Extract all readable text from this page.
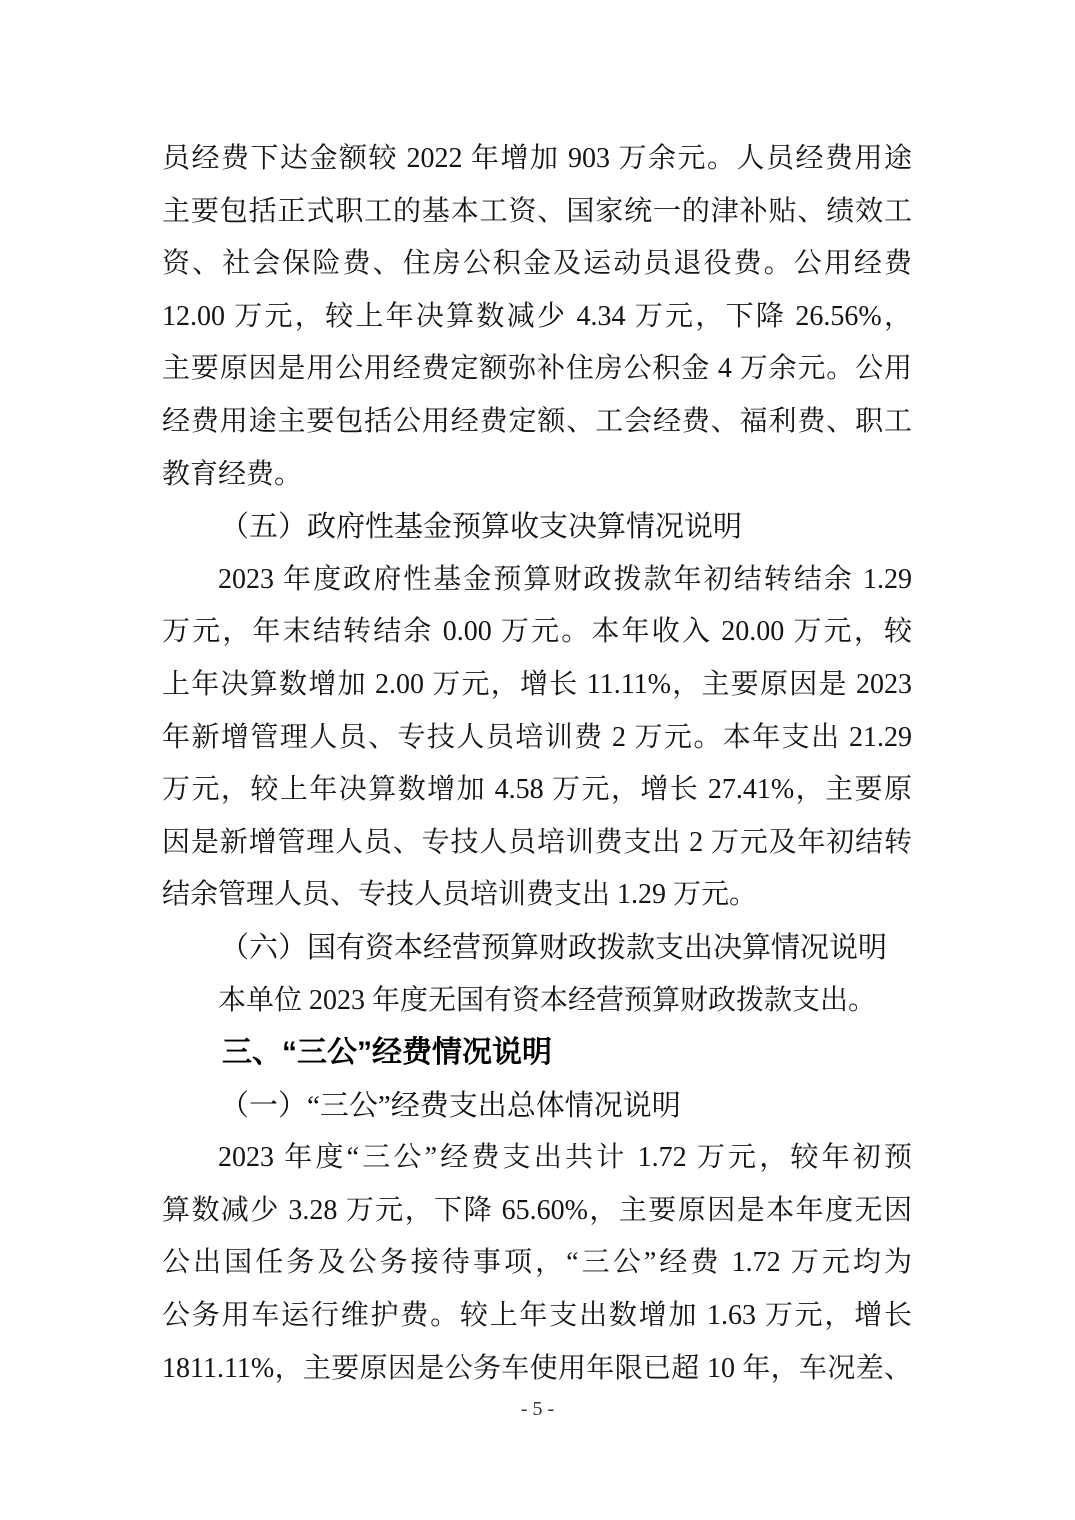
员经费下达金额较 2022 年增加 903 万余元。人员经费用途
主要包括正式职工的基本工资、国家统一的津补贴、绩效工
资、社会保险费、住房公积金及运动员退役费。公用经费
12.00 万元，较上年决算数减少 4.34 万元，下降 26.56%，
主要原因是用公用经费定额弥补住房公积金 4 万余元。公用
经费用途主要包括公用经费定额、工会经费、福利费、职工
教育经费。
（五）政府性基金预算收支决算情况说明
2023 年度政府性基金预算财政拨款年初结转结余 1.29
万元，年末结转结余 0.00 万元。本年收入 20.00 万元，较
上年决算数增加 2.00 万元，增长 11.11%，主要原因是 2023
年新增管理人员、专技人员培训费 2 万元。本年支出 21.29
万元，较上年决算数增加 4.58 万元，增长 27.41%，主要原
因是新增管理人员、专技人员培训费支出 2 万元及年初结转
结余管理人员、专技人员培训费支出 1.29 万元。
（六）国有资本经营预算财政拨款支出决算情况说明
本单位 2023 年度无国有资本经营预算财政拨款支出。
三、“三公”经费情况说明
（一）“三公”经费支出总体情况说明
2023 年度“三公”经费支出共计 1.72 万元，较年初预
算数减少 3.28 万元，下降 65.60%，主要原因是本年度无因
公出国任务及公务接待事项，“三公”经费 1.72 万元均为
公务用车运行维护费。较上年支出数增加 1.63 万元，增长
1811.11%，主要原因是公务车使用年限已超 10 年，车况差、
- 5 -
